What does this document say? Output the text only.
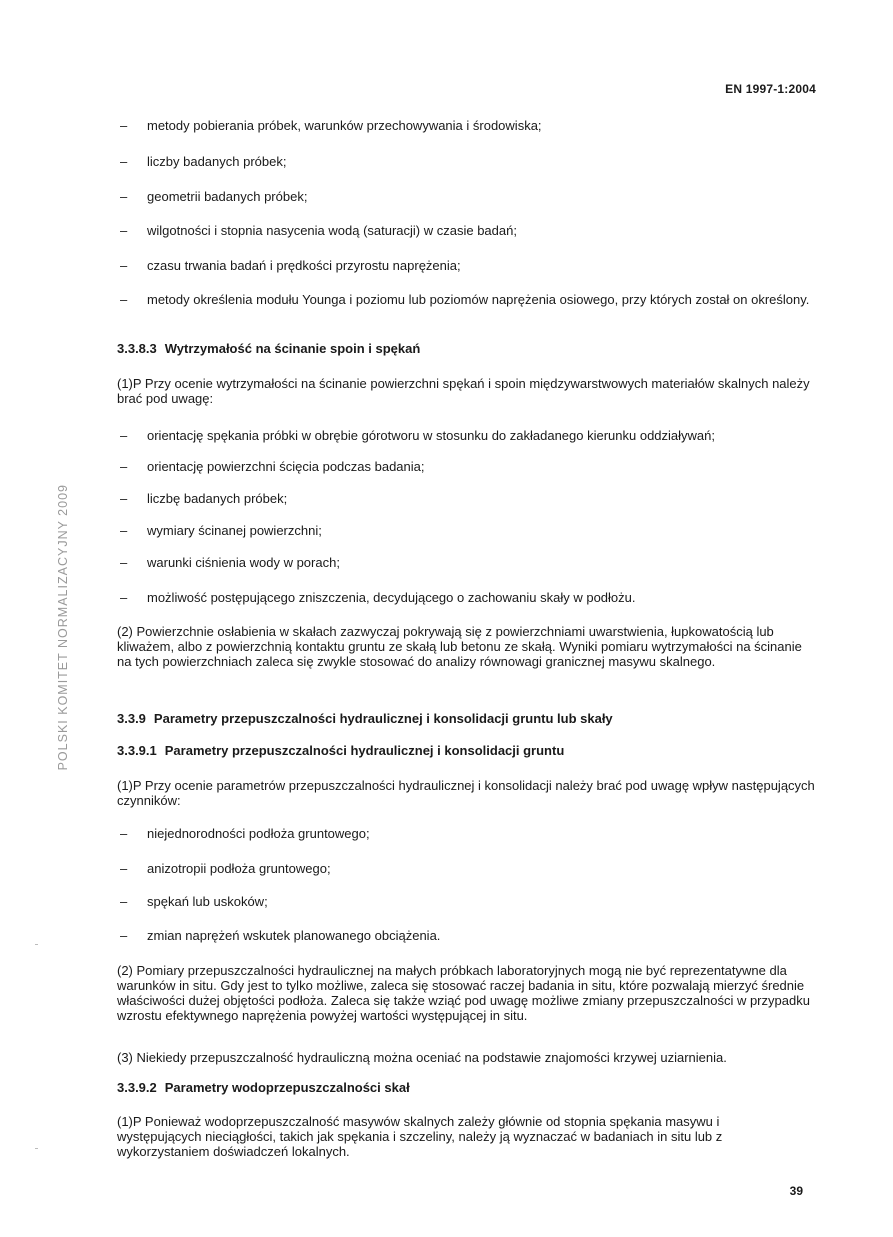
EN 1997-1:2004
POLSKI KOMITET NORMALIZACYJNY 2009
– metody pobierania próbek, warunków przechowywania i środowiska;
– liczby badanych próbek;
– geometrii badanych próbek;
– wilgotności i stopnia nasycenia wodą (saturacji) w czasie badań;
– czasu trwania badań i prędkości przyrostu naprężenia;
– metody określenia modułu Younga i poziomu lub poziomów naprężenia osiowego, przy których został on określony.
3.3.8.3 Wytrzymałość na ścinanie spoin i spękań

(1)P Przy ocenie wytrzymałości na ścinanie powierzchni spękań i spoin międzywarstwowych materiałów skalnych należy brać pod uwagę:

– orientację spękania próbki w obrębie górotworu w stosunku do zakładanego kierunku oddziaływań;
– orientację powierzchni ścięcia podczas badania;
– liczbę badanych próbek;
– wymiary ścinanej powierzchni;
– warunki ciśnienia wody w porach;
– możliwość postępującego zniszczenia, decydującego o zachowaniu skały w podłożu.

(2) Powierzchnie osłabienia w skałach zazwyczaj pokrywają się z powierzchniami uwarstwienia, łupkowatością lub kliważem, albo z powierzchnią kontaktu gruntu ze skałą lub betonu ze skałą. Wyniki pomiaru wytrzymałości na ścinanie na tych powierzchniach zaleca się zwykle stosować do analizy równowagi granicznej masywu skalnego.

3.3.9 Parametry przepuszczalności hydraulicznej i konsolidacji gruntu lub skały
3.3.9.1 Parametry przepuszczalności hydraulicznej i konsolidacji gruntu

(1)P Przy ocenie parametrów przepuszczalności hydraulicznej i konsolidacji należy brać pod uwagę wpływ następujących czynników:

– niejednorodności podłoża gruntowego;
– anizotropii podłoża gruntowego;
– spękań lub uskoków;
– zmian naprężeń wskutek planowanego obciążenia.

(2) Pomiary przepuszczalności hydraulicznej na małych próbkach laboratoryjnych mogą nie być reprezentatywne dla warunków in situ. Gdy jest to tylko możliwe, zaleca się stosować raczej badania in situ, które pozwalają mierzyć średnie właściwości dużej objętości podłoża. Zaleca się także wziąć pod uwagę możliwe zmiany przepuszczalności w przypadku wzrostu efektywnego naprężenia powyżej wartości występującej in situ.

(3) Niekiedy przepuszczalność hydrauliczną można oceniać na podstawie znajomości krzywej uziarnienia.

3.3.9.2 Parametry wodoprzepuszczalności skał

(1)P Ponieważ wodoprzepuszczalność masywów skalnych zależy głównie od stopnia spękania masywu i występujących nieciągłości, takich jak spękania i szczeliny, należy ją wyznaczać w badaniach in situ lub z wykorzystaniem doświadczeń lokalnych.

39
